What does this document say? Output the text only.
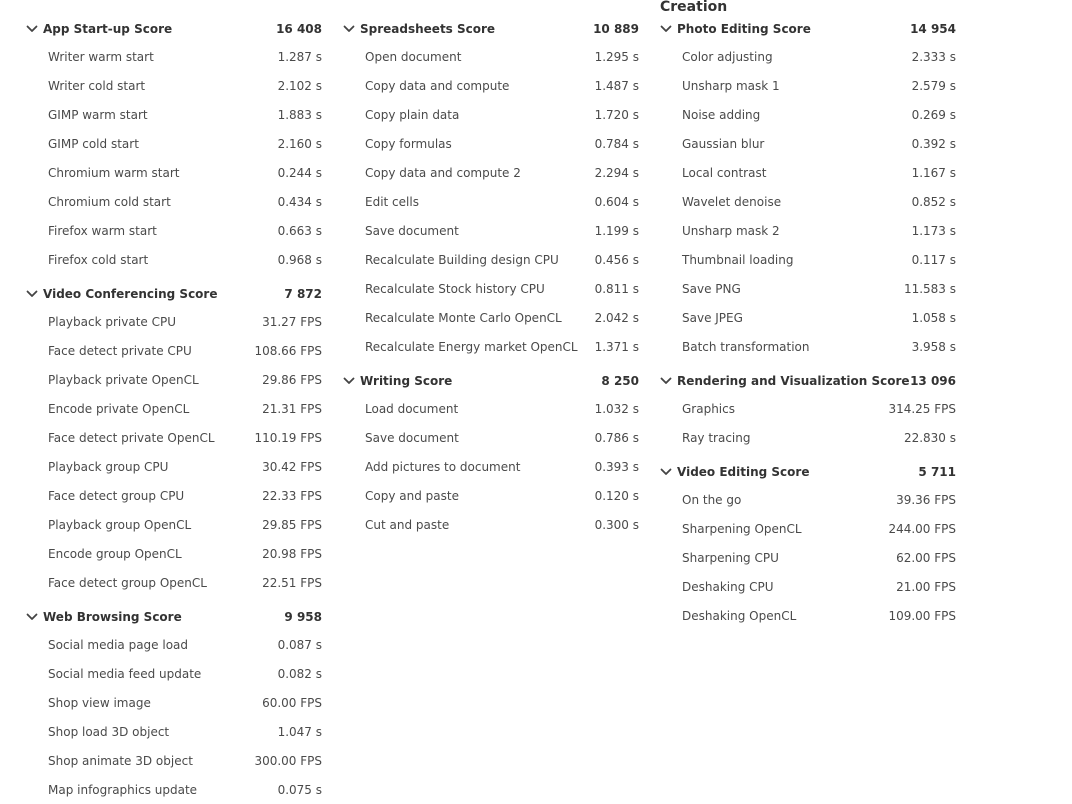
App Start-up Score	16 408
Writer warm start	1.287 s
Writer cold start	2.102 s
GIMP warm start	1.883 s
GIMP cold start	2.160 s
Chromium warm start	0.244 s
Chromium cold start	0.434 s
Firefox warm start	0.663 s
Firefox cold start	0.968 s
Video Conferencing Score	7 872
Playback private CPU	31.27 FPS
Face detect private CPU	108.66 FPS
Playback private OpenCL	29.86 FPS
Encode private OpenCL	21.31 FPS
Face detect private OpenCL	110.19 FPS
Playback group CPU	30.42 FPS
Face detect group CPU	22.33 FPS
Playback group OpenCL	29.85 FPS
Encode group OpenCL	20.98 FPS
Face detect group OpenCL	22.51 FPS
Web Browsing Score	9 958
Social media page load	0.087 s
Social media feed update	0.082 s
Shop view image	60.00 FPS
Shop load 3D object	1.047 s
Shop animate 3D object	300.00 FPS
Map infographics update	0.075 s
Spreadsheets Score	10 889
Open document	1.295 s
Copy data and compute	1.487 s
Copy plain data	1.720 s
Copy formulas	0.784 s
Copy data and compute 2	2.294 s
Edit cells	0.604 s
Save document	1.199 s
Recalculate Building design CPU	0.456 s
Recalculate Stock history CPU	0.811 s
Recalculate Monte Carlo OpenCL	2.042 s
Recalculate Energy market OpenCL 1.371 s
Writing Score	8 250
Load document	1.032 s
Save document	0.786 s
Add pictures to document	0.393 s
Copy and paste	0.120 s
Cut and paste	0.300 s
Creation
Photo Editing Score	14 954
Color adjusting	2.333 s
Unsharp mask 1	2.579 s
Noise adding	0.269 s
Gaussian blur	0.392 s
Local contrast	1.167 s
Wavelet denoise	0.852 s
Unsharp mask 2	1.173 s
Thumbnail loading	0.117 s
Save PNG	11.583 s
Save JPEG	1.058 s
Batch transformation	3.958 s
Rendering and Visualization Score 13 096
Graphics	314.25 FPS
Ray tracing	22.830 s
Video Editing Score	5 711
On the go	39.36 FPS
Sharpening OpenCL	244.00 FPS
Sharpening CPU	62.00 FPS
Deshaking CPU	21.00 FPS
Deshaking OpenCL	109.00 FPS
